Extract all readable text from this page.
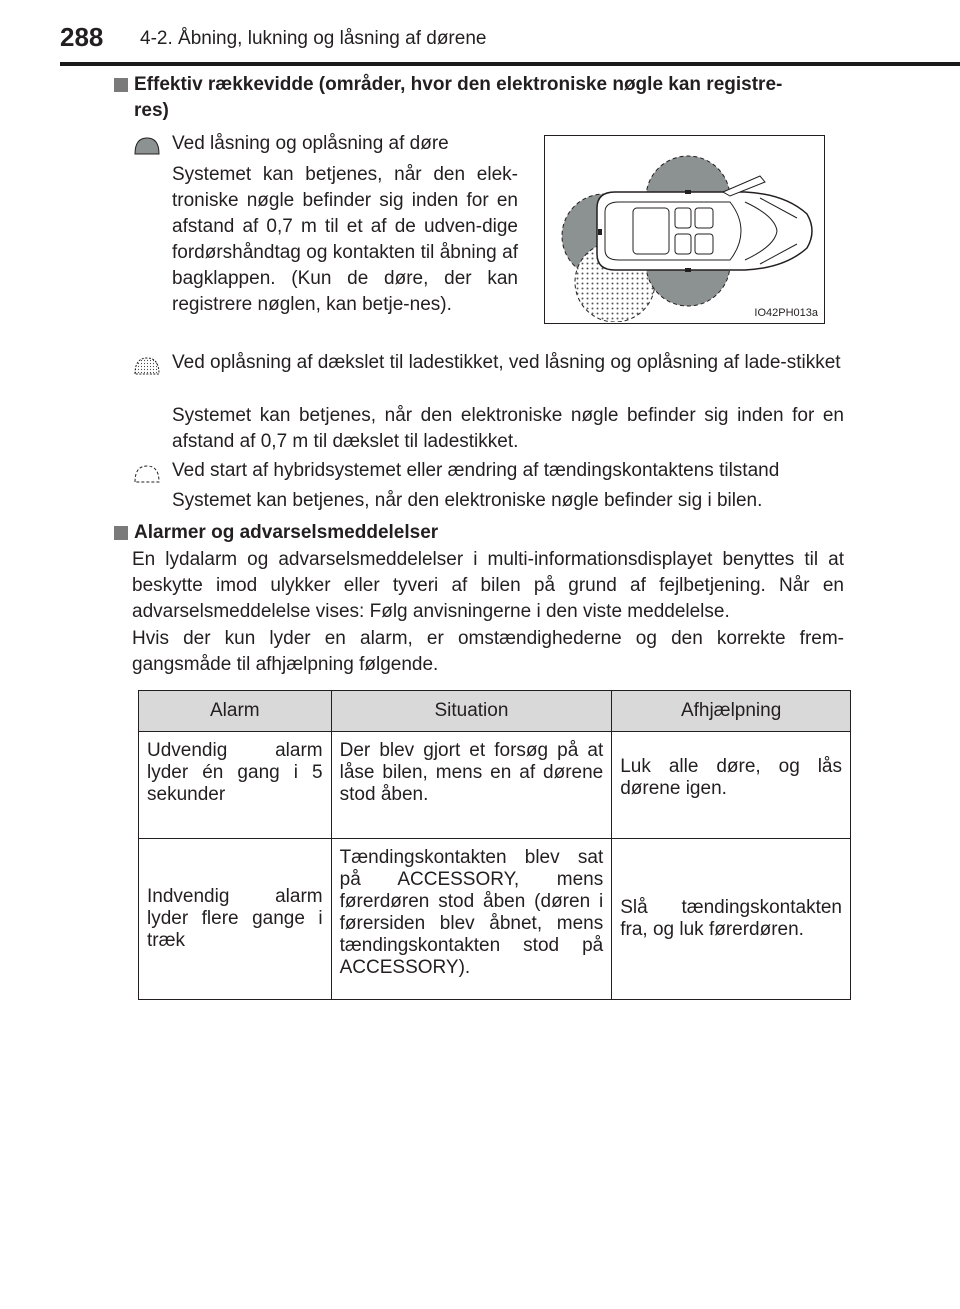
288 4-2. Åbning, lukning og låsning af dørene
Effektiv rækkevidde (områder, hvor den elektroniske nøgle kan registre-
res)
Ved låsning og oplåsning af døre
Systemet kan betjenes, når den elek-troniske nøgle befinder sig inden for en afstand af 0,7 m til et af de udven-dige fordørshåndtag og kontakten til åbning af bagklappen. (Kun de døre, der kan registrere nøglen, kan betje-nes).	IO42PH013a
Ved oplåsning af dækslet til ladestikket, ved låsning og oplåsning af lade-stikket
Systemet kan betjenes, når den elektroniske nøgle befinder sig inden for en afstand af 0,7 m til dækslet til ladestikket.
Ved start af hybridsystemet eller ændring af tændingskontaktens tilstand
Systemet kan betjenes, når den elektroniske nøgle befinder sig i bilen.
Alarmer og advarselsmeddelelser
En lydalarm og advarselsmeddelelser i multi-informationsdisplayet benyttes til at beskytte imod ulykker eller tyveri af bilen på grund af fejlbetjening. Når en advarselsmeddelelse vises: Følg anvisningerne i den viste meddelelse.
Hvis der kun lyder en alarm, er omstændighederne og den korrekte frem-gangsmåde til afhjælpning følgende.
Alarm	Situation	Afhjælpning
Udvendig alarm lyder én gang i 5 sekunder	Der blev gjort et forsøg på at låse bilen, mens en af dørene stod åben.	Luk alle døre, og lås dørene igen.
Indvendig alarm lyder flere gange i træk	Tændingskontakten blev sat på ACCESSORY, mens førerdøren stod åben (døren i førersiden blev åbnet, mens tændingskontakten stod på ACCESSORY).	Slå tændingskontakten fra, og luk førerdøren.
